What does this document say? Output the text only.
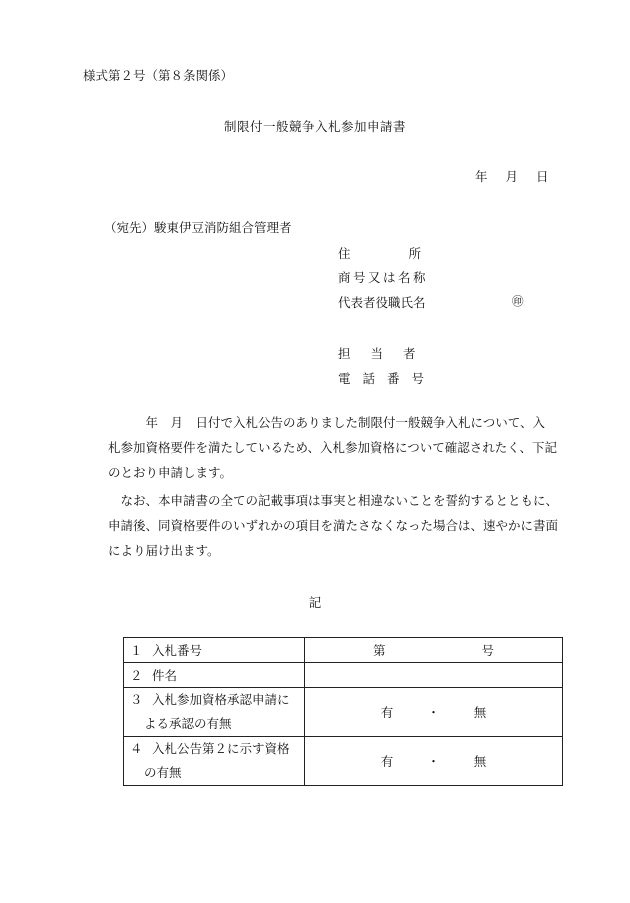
様式第２号（第８条関係）
制限付一般競争入札参加申請書
年 月 日
（宛先）駿東伊豆消防組合管理者
住	所
商号又は名称
代表者役職氏名	㊞
担 当 者
電 話 番 号
　　　年　月　日付で入札公告のありました制限付一般競争入札について、入
札参加資格要件を満たしているため、入札参加資格について確認されたく、下記
のとおり申請します。
　なお、本申請書の全ての記載事項は事実と相違ないことを誓約するとともに、
申請後、同資格要件のいずれかの項目を満たさなくなった場合は、速やかに書面
により届け出ます。
記
１ 入札番号	第 号
２ 件名	

３ 入札参加資格承認申請に
よる承認の有無	有 ・ 無

４ 入札公告第２に示す資格
の有無	有 ・ 無
